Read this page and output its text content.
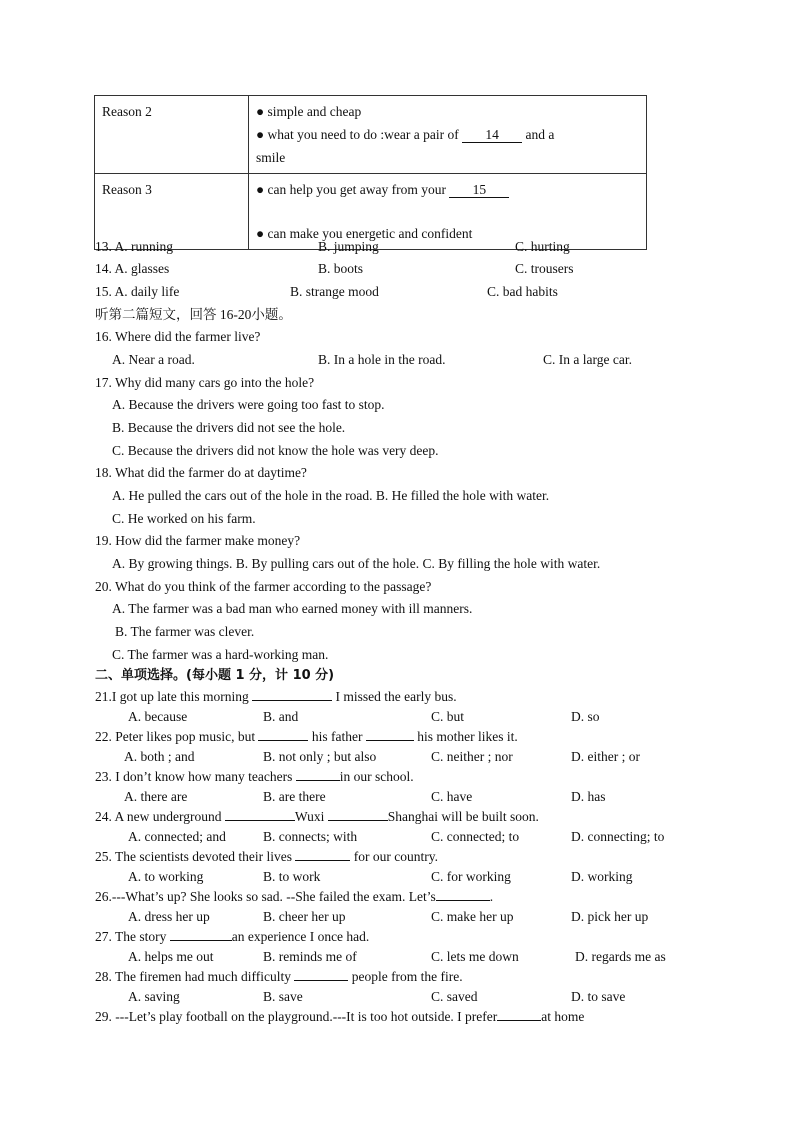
Reason 2	● simple and cheap
● what you need to do :wear a pair of 14 and a
smile

Reason 3	● can help you get away from your 15
● can make you energetic and confident
13. A. running	B. jumping	C. hurting
14. A. glasses	B. boots	C. trousers
15. A. daily life	B. strange mood	C. bad habits
听第二篇短文，回答 16-20小题。
16. Where did the farmer live?
A. Near a road.	B. In a hole in the road.	C. In a large car.
17. Why did many cars go into the hole?
A. Because the drivers were going too fast to stop.
B. Because the drivers did not see the hole.
C. Because the drivers did not know the hole was very deep.
18. What did the farmer do at daytime?
A. He pulled the cars out of the hole in the road. B. He filled the hole with water.
C. He worked on his farm.
19. How did the farmer make money?
A. By growing things. B. By pulling cars out of the hole. C. By filling the hole with water.
20. What do you think of the farmer according to the passage?
A. The farmer was a bad man who earned money with ill manners.
B. The farmer was clever.
C. The farmer was a hard-working man.
二、单项选择。(每小题 1 分，计 10 分)
21.I got up late this morning	I missed the early bus.
A. because	B. and	C. but	D. so
22. Peter likes pop music, but	his father	his mother likes it.
A. both ; and	B. not only ; but also	C. neither ; nor	D. either ; or
23. I don’t know how many teachers	in our school.
A. there are	B. are there	C. have	D. has
24. A new underground	Wuxi	Shanghai will be built soon.
A. connected; and	B. connects; with	C. connected; to	D. connecting; to
25. The scientists devoted their lives	for our country.
A. to working	B. to work	C. for working	D. working
26.---What’s up? She looks so sad. --She failed the exam. Let’s	.
A. dress her up	B. cheer her up	C. make her up	D. pick her up
27. The story	an experience I once had.
A. helps me out	B. reminds me of	C. lets me down	D. regards me as
28. The firemen had much difficulty	people from the fire.
A. saving	B. save	C. saved	D. to save
29. ---Let’s play football on the playground.---It is too hot outside. I prefer	at home
